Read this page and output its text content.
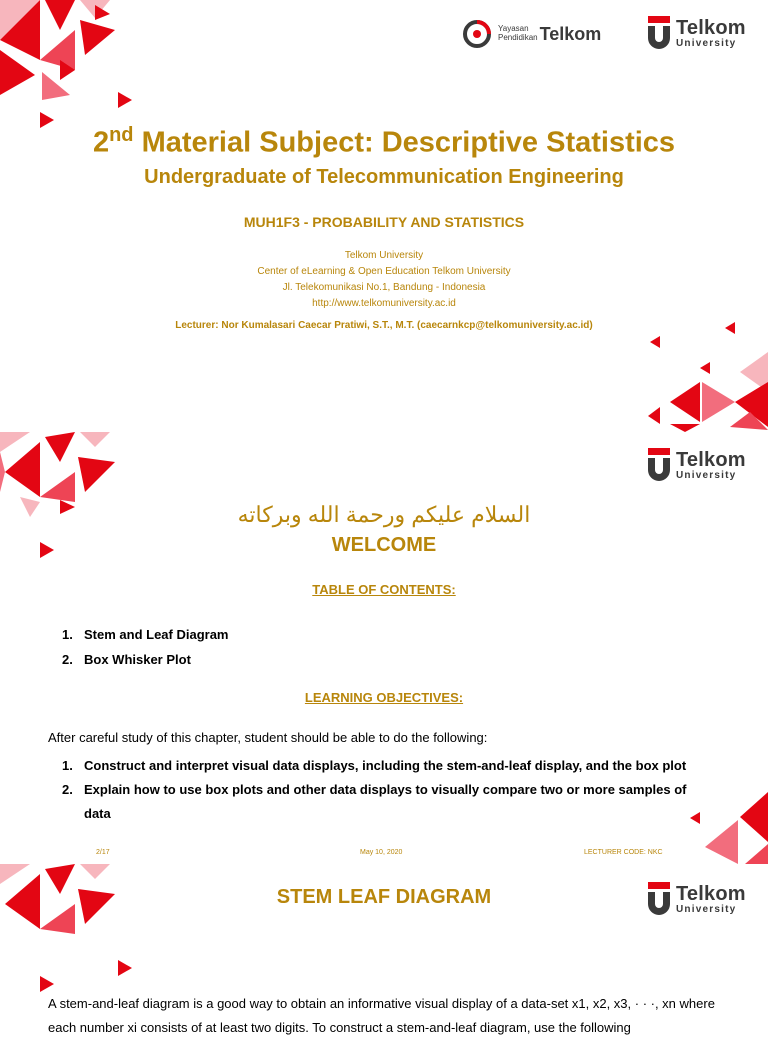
Yayasan
Pendidikan Telkom	Telkom
University
2nd Material Subject: Descriptive Statistics
Undergraduate of Telecommunication Engineering
MUH1F3 - PROBABILITY AND STATISTICS
Telkom University
Center of eLearning & Open Education Telkom University
Jl. Telekomunikasi No.1, Bandung - Indonesia
http://www.telkomuniversity.ac.id
Lecturer: Nor Kumalasari Caecar Pratiwi, S.T., M.T. (caecarnkcp@telkomuniversity.ac.id)
Telkom
University
السلام عليكم ورحمة الله وبركاته
WELCOME
TABLE OF CONTENTS:
1. Stem and Leaf Diagram
2. Box Whisker Plot
LEARNING OBJECTIVES:
After careful study of this chapter, student should be able to do the following:
1. Construct and interpret visual data displays, including the stem-and-leaf display, and the box plot
2. Explain how to use box plots and other data displays to visually compare two or more samples of data
2/17	May 10, 2020	LECTURER CODE: NKC
Telkom
University
STEM LEAF DIAGRAM
A stem-and-leaf diagram is a good way to obtain an informative visual display of a data-set x1, x2, x3, · · ·, xn where each number xi consists of at least two digits. To construct a stem-and-leaf diagram, use the following
